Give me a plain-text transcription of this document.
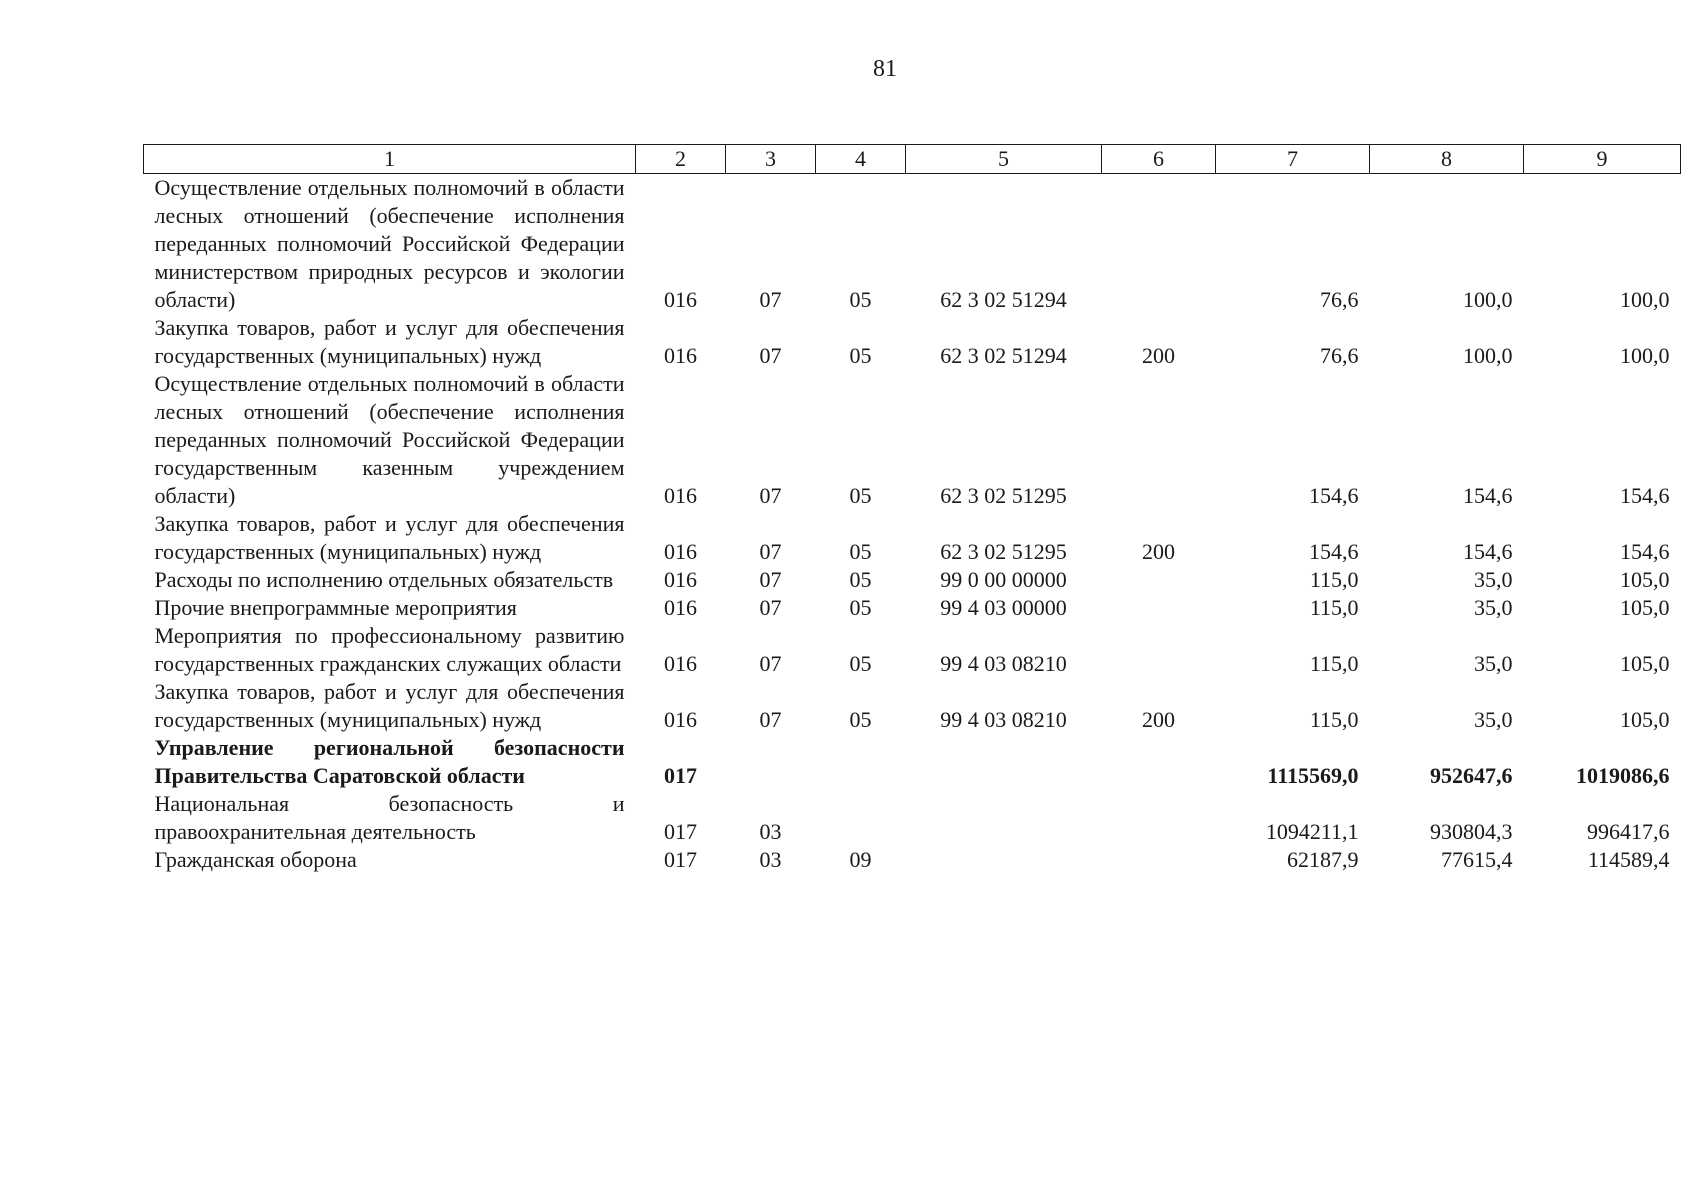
81
1	2	3	4	5	6	7	8	9
Осуществление отдельных полномочий в области лесных отношений (обеспечение исполнения переданных полномочий Российской Федерации министерством природных ресурсов и экологии области)	016	07	05	62 3 02 51294		76,6	100,0	100,0
Закупка товаров, работ и услуг для обеспечения государственных (муниципальных) нужд	016	07	05	62 3 02 51294	200	76,6	100,0	100,0
Осуществление отдельных полномочий в области лесных отношений (обеспечение исполнения переданных полномочий Российской Федерации государственным казенным учреждением области)	016	07	05	62 3 02 51295		154,6	154,6	154,6
Закупка товаров, работ и услуг для обеспечения государственных (муниципальных) нужд	016	07	05	62 3 02 51295	200	154,6	154,6	154,6
Расходы по исполнению отдельных обязательств	016	07	05	99 0 00 00000		115,0	35,0	105,0
Прочие внепрограммные мероприятия	016	07	05	99 4 03 00000		115,0	35,0	105,0
Мероприятия по профессиональному развитию государственных гражданских служащих области	016	07	05	99 4 03 08210		115,0	35,0	105,0
Закупка товаров, работ и услуг для обеспечения государственных (муниципальных) нужд	016	07	05	99 4 03 08210	200	115,0	35,0	105,0
Управление региональной безопасности Правительства Саратовской области	017					1115569,0	952647,6	1019086,6
Национальная безопасность и правоохранительная деятельность	017	03				1094211,1	930804,3	996417,6
Гражданская оборона	017	03	09			62187,9	77615,4	114589,4
